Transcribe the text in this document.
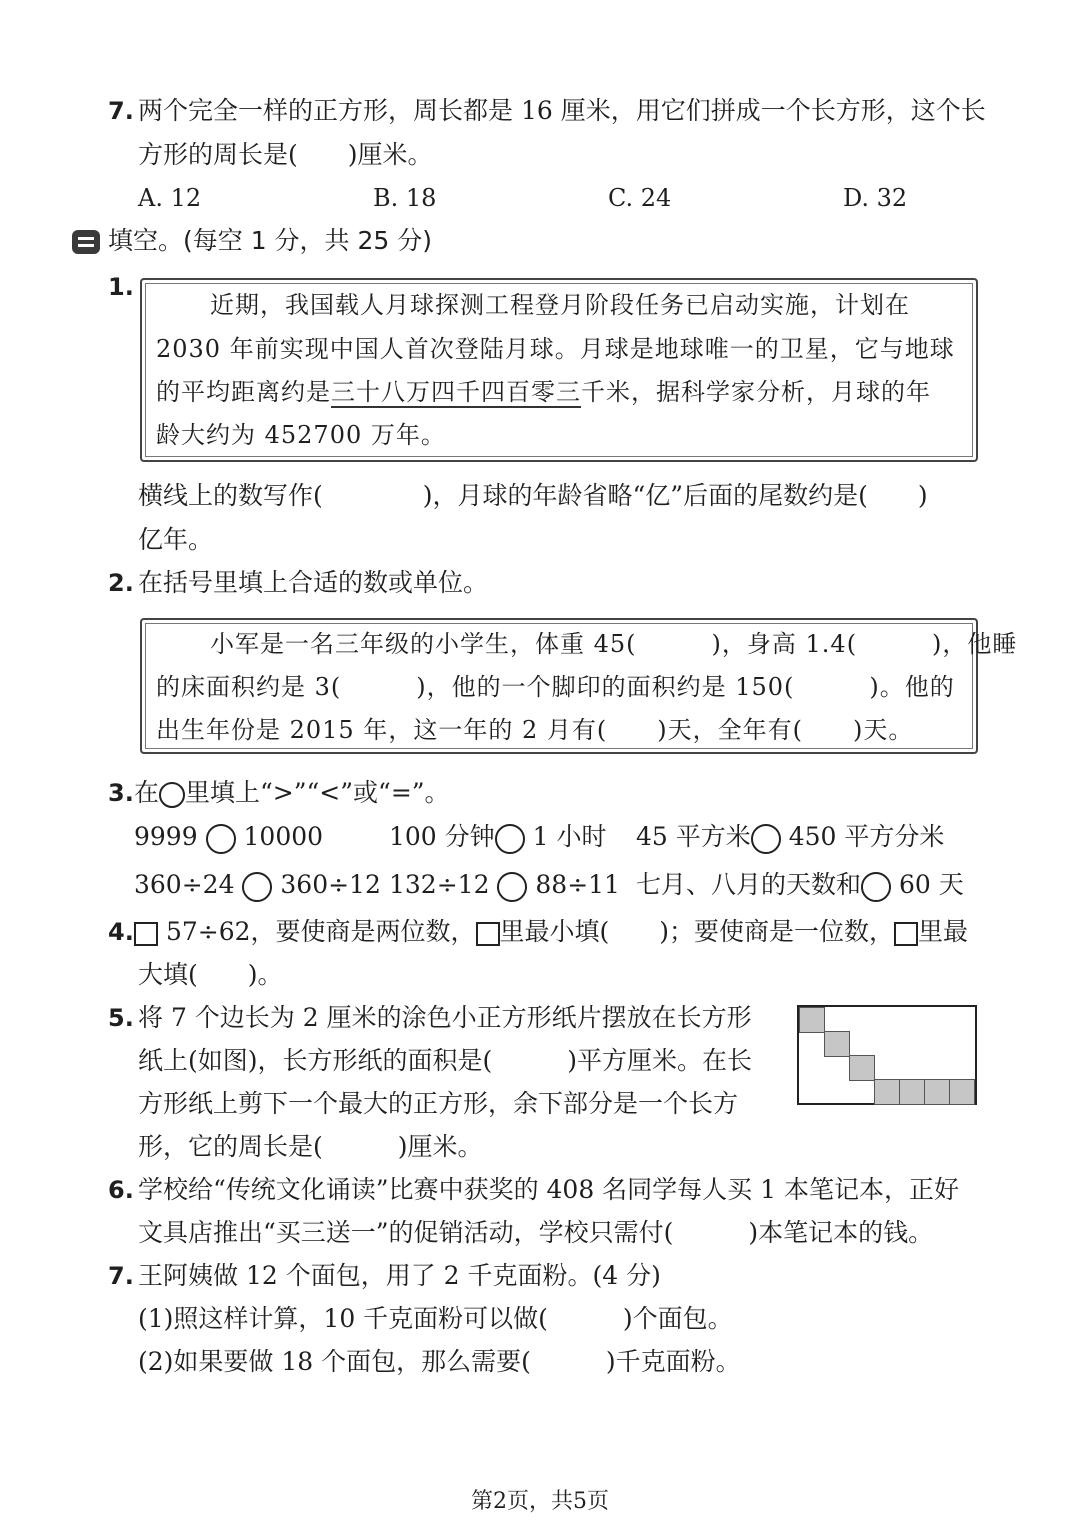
7. 两个完全一样的正方形，周长都是 16 厘米，用它们拼成一个长方形，这个长
方形的周长是(　　)厘米。
A. 12	B. 18	C. 24	D. 32
填空。(每空 1 分，共 25 分)
1.
近期，我国载人月球探测工程登月阶段任务已启动实施，计划在
2030 年前实现中国人首次登陆月球。月球是地球唯一的卫星，它与地球
的平均距离约是三十八万四千四百零三千米，据科学家分析，月球的年
龄大约为 452700 万年。
横线上的数写作(　　　　)，月球的年龄省略“亿”后面的尾数约是(　　)
亿年。
2. 在括号里填上合适的数或单位。
小军是一名三年级的小学生，体重 45(　　　)，身高 1.4(　　　)，他睡
的床面积约是 3(　　　)，他的一个脚印的面积约是 150(　　　)。他的
出生年份是 2015 年，这一年的 2 月有(　　)天，全年有(　　)天。
3. 在 里填上“>”“<”或“=”。
9999 10000	100 分钟 1 小时 45 平方米 450 平方分米
360÷24 360÷12 132÷12 88÷11 七月、八月的天数和 60 天
4.	57÷62，要使商是两位数， 里最小填(　　)；要使商是一位数， 里最
大填(　　)。
5. 将 7 个边长为 2 厘米的涂色小正方形纸片摆放在长方形
纸上(如图)，长方形纸的面积是(　　　)平方厘米。在长
方形纸上剪下一个最大的正方形，余下部分是一个长方
形，它的周长是(　　　)厘米。
6. 学校给“传统文化诵读”比赛中获奖的 408 名同学每人买 1 本笔记本，正好
文具店推出“买三送一”的促销活动，学校只需付(　　　)本笔记本的钱。
7. 王阿姨做 12 个面包，用了 2 千克面粉。(4 分)
(1)照这样计算，10 千克面粉可以做(　　　)个面包。
(2)如果要做 18 个面包，那么需要(　　　)千克面粉。
第2页，共5页
